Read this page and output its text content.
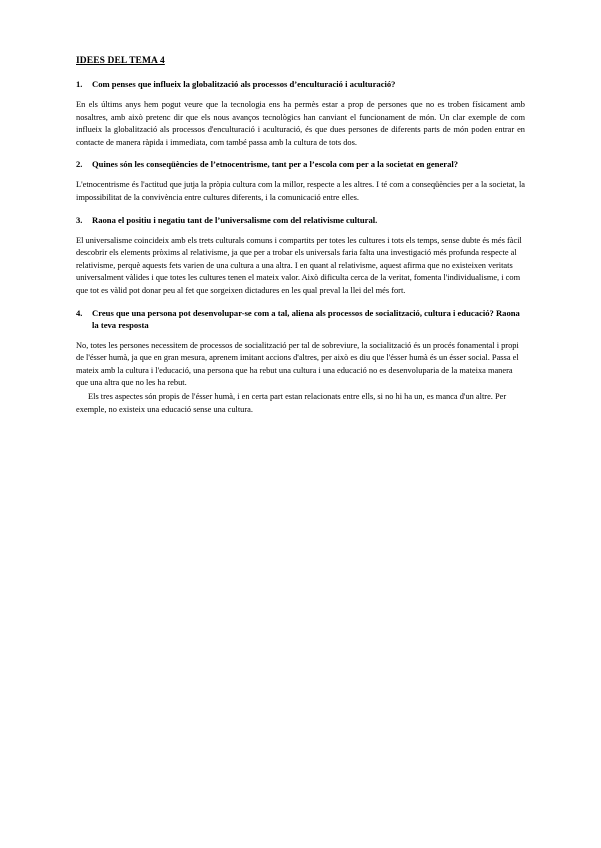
IDEES DEL TEMA 4
1.	Com penses que influeix la globalització als processos d’enculturació i aculturació?
En els últims anys hem pogut veure que la tecnologia ens ha permès estar a prop de persones que no es troben físicament amb nosaltres, amb això pretenc dir que els nous avanços tecnològics han canviant el funcionament de món. Un clar exemple de com influeix la globalització als processos d'enculturació i aculturació, és que dues persones de diferents parts de món poden entrar en contacte de manera ràpida i immediata, com també passa amb la cultura de tots dos.
2.	Quines són les conseqüències de l’etnocentrisme, tant per a l’escola com per a la societat en general?
L'etnocentrisme és l'actitud que jutja la pròpia cultura com la millor, respecte a les altres. I té com a conseqüències per a la societat, la impossibilitat de la convivència entre cultures diferents, i la comunicació entre elles.
3.	Raona el positiu i negatiu tant de l’universalisme com del relativisme cultural.
El universalisme coincideix amb els trets culturals comuns i compartits per totes les cultures i tots els temps, sense dubte és més fàcil descobrir els elements pròxims al relativisme, ja que per a trobar els universals faria falta una investigació més profunda respecte al relativisme, perquè aquests fets varien de una cultura a una altra. I en quant al relativisme, aquest afirma que no existeixen veritats universalment vàlides i que totes les cultures tenen el mateix valor. Això dificulta cerca de la veritat, fomenta l'individualisme, i com que tot es vàlid pot donar peu al fet que sorgeixen dictadures en les qual preval la llei del més fort.
4.	Creus que una persona pot desenvolupar-se com a tal, aliena als processos de socialització, cultura i educació? Raona la teva resposta
No, totes les persones necessitem de processos de socialització per tal de sobreviure, la socialització és un procés fonamental i propi de l'ésser humà, ja que en gran mesura, aprenem imitant accions d'altres, per això es diu que l'ésser humà és un ésser social. Passa el mateix amb la cultura i l'educació, una persona que ha rebut una cultura i una educació no es desenvoluparia de la mateixa manera que una altra que no les ha rebut.
Els tres aspectes són propis de l'ésser humà, i en certa part estan relacionats entre ells, si no hi ha un, es manca d'un altre. Per exemple, no existeix una educació sense una cultura.
